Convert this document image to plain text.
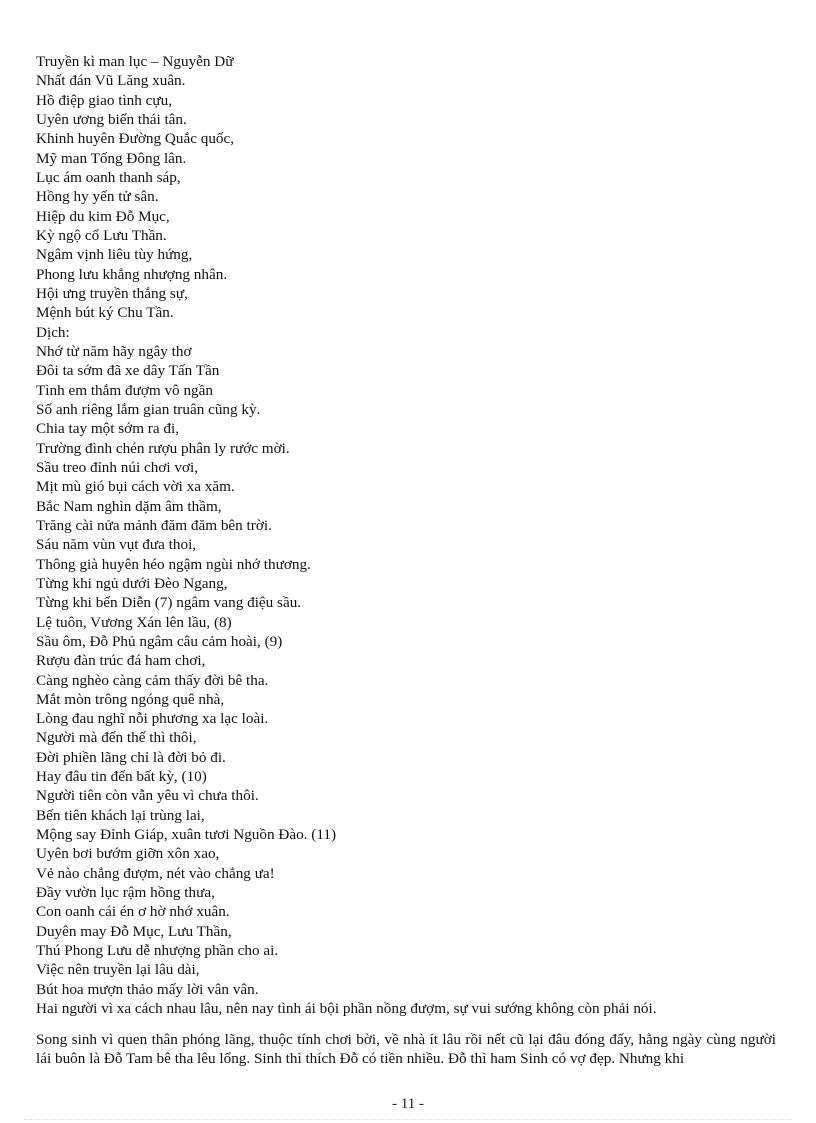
Truyền kì man lục – Nguyễn Dữ
Nhất đán Vũ Lăng xuân.
Hồ điệp giao tình cựu,
Uyên ương biến thái tân.
Khinh huyên Đường Quắc quốc,
Mỹ man Tống Đông lân.
Lục ám oanh thanh sáp,
Hồng hy yến tử sân.
Hiệp du kim Đỗ Mục,
Kỳ ngộ cổ Lưu Thần.
Ngâm vịnh liêu tùy hứng,
Phong lưu khẳng nhượng nhân.
Hội ưng truyền thắng sự,
Mệnh bút ký Chu Tần.
Dịch:
Nhớ từ năm hãy ngây thơ
Đôi ta sớm đã xe dây Tấn Tần
Tình em thắm đượm vô ngần
Số anh riêng lắm gian truân cũng kỳ.
Chia tay một sớm ra đi,
Trường đình chén rượu phân ly rước mời.
Sầu treo đỉnh núi chơi vơi,
Mịt mù gió bụi cách vời xa xăm.
Bắc Nam nghìn dặm âm thầm,
Trăng cài nửa mảnh đăm đăm bên trời.
Sáu năm vùn vụt đưa thoi,
Thông già huyên héo ngậm ngùi nhớ thương.
Từng khi ngủ dưới Đèo Ngang,
Từng khi bến Diễn (7) ngâm vang điệu sầu.
Lệ tuôn, Vương Xán lên lầu, (8)
Sầu ôm, Đỗ Phủ ngâm câu cảm hoài, (9)
Rượu đàn trúc đá ham chơi,
Càng nghèo càng cảm thấy đời bê tha.
Mắt mòn trông ngóng quê nhà,
Lòng đau nghĩ nỗi phương xa lạc loài.
Người mà đến thế thì thôi,
Đời phiền lãng chỉ là đời bỏ đi.
Hay đâu tin đến bất kỳ, (10)
Người tiên còn vẫn yêu vì chưa thôi.
Bến tiên khách lại trùng lai,
Mộng say Đỉnh Giáp, xuân tươi Nguồn Đào. (11)
Uyên bơi bướm giỡn xôn xao,
Vẻ nào chẳng đượm, nét vào chẳng ưa!
Đầy vườn lục rậm hồng thưa,
Con oanh cái én ơ hờ nhớ xuân.
Duyên may Đỗ Mục, Lưu Thần,
Thú Phong Lưu dễ nhượng phần cho ai.
Việc nên truyền lại lâu dài,
Bút hoa mượn thảo mấy lời vân vân.
Hai người vì xa cách nhau lâu, nên nay tình ái bội phần nồng đượm, sự vui sướng không còn phải nói.
Song sinh vì quen thân phóng lãng, thuộc tính chơi bời, về nhà ít lâu rồi nết cũ lại đâu đóng đấy, hằng ngày cùng người lái buôn là Đỗ Tam bê tha lêu lổng. Sinh thì thích Đỗ có tiền nhiều. Đỗ thì ham Sinh có vợ đẹp. Nhưng khi
- 11 -
